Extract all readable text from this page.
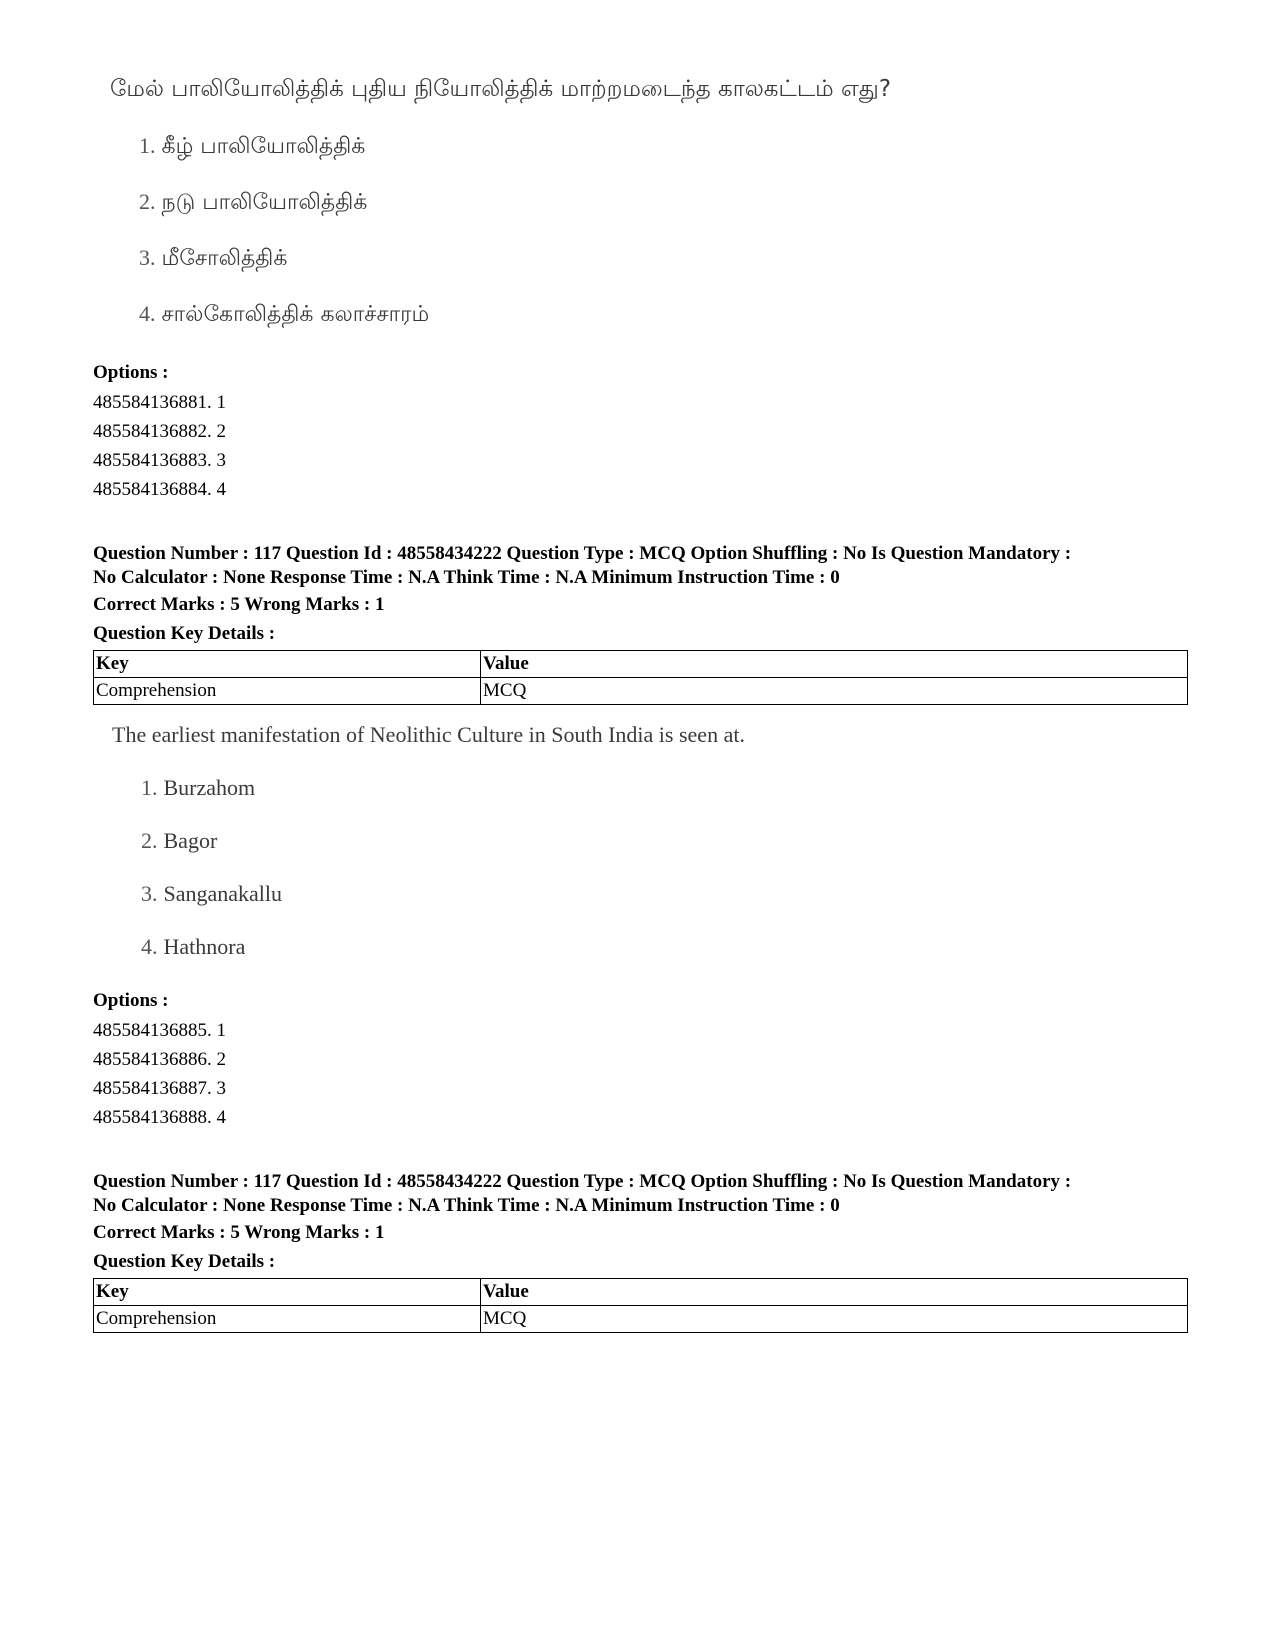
மேல் பாலியோலித்திக் புதிய நியோலித்திக் மாற்றமடைந்த காலகட்டம் எது?
1. கீழ் பாலியோலித்திக்
2. நடு பாலியோலித்திக்
3. மீசோலித்திக்
4. சால்கோலித்திக் கலாச்சாரம்

Options :

485584136881. 1

485584136882. 2

485584136883. 3

485584136884. 4

Question Number : 117 Question Id : 48558434222 Question Type : MCQ Option Shuffling : No Is Question Mandatory :

No Calculator : None Response Time : N.A Think Time : N.A Minimum Instruction Time : 0

Correct Marks : 5 Wrong Marks : 1

Question Key Details :

Key	Value
Comprehension	MCQ
The earliest manifestation of Neolithic Culture in South India is seen at.
1. Burzahom
2. Bagor
3. Sanganakallu
4. Hathnora

Options :

485584136885. 1

485584136886. 2

485584136887. 3

485584136888. 4

Question Number : 117 Question Id : 48558434222 Question Type : MCQ Option Shuffling : No Is Question Mandatory :

No Calculator : None Response Time : N.A Think Time : N.A Minimum Instruction Time : 0

Correct Marks : 5 Wrong Marks : 1

Question Key Details :

Key	Value
Comprehension	MCQ
